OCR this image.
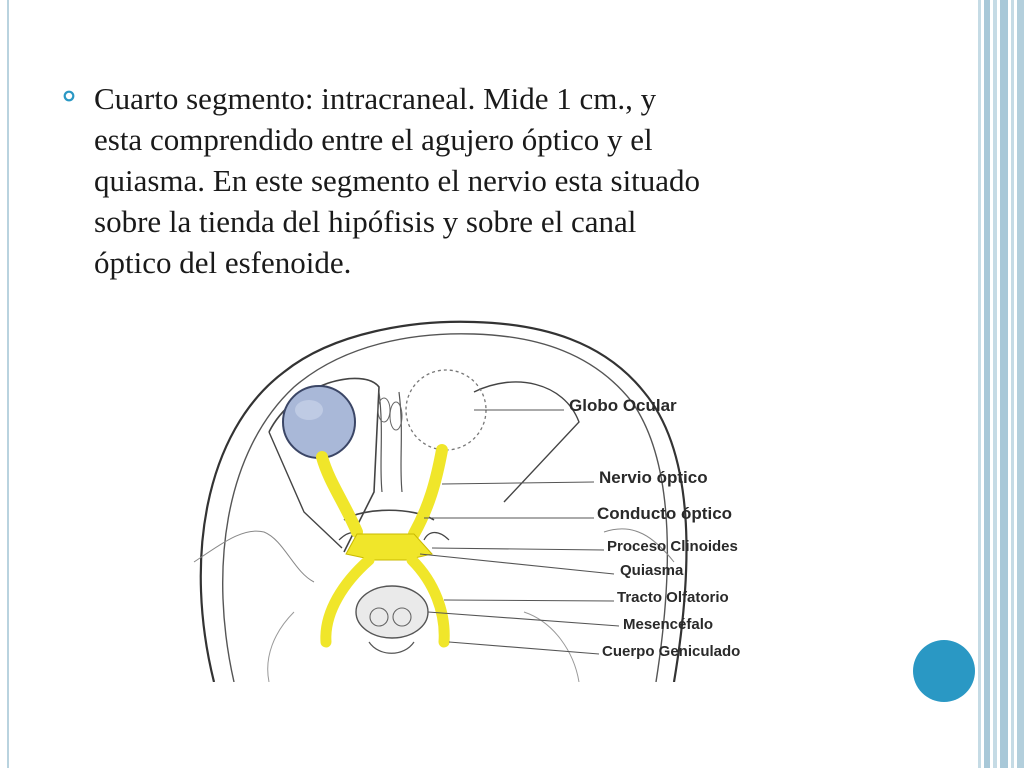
Cuarto segmento: intracraneal. Mide 1 cm., y
esta comprendido entre el agujero óptico y el
quiasma. En este segmento el nervio esta situado
sobre la tienda del hipófisis y sobre el canal
óptico del esfenoide.
Globo Ocular
Nervio óptico
Conducto óptico
Proceso Clinoides
Quiasma
Tracto Olfatorio
Mesencéfalo
Cuerpo Geniculado
